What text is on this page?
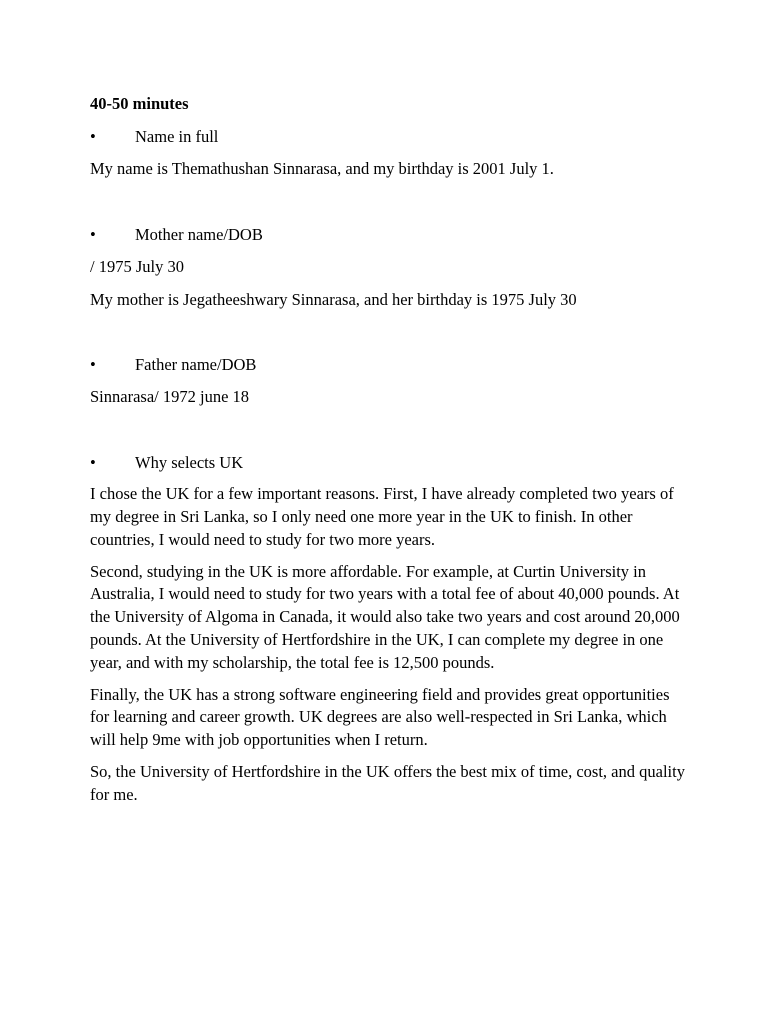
40-50 minutes
• Name in full

My name is Themathushan Sinnarasa, and my birthday is 2001 July 1.

• Mother name/DOB

/ 1975 July 30

My mother is Jegatheeshwary Sinnarasa, and her birthday is 1975 July 30

• Father name/DOB

Sinnarasa/ 1972 june 18

• Why selects UK

I chose the UK for a few important reasons. First, I have already completed two years of my degree in Sri Lanka, so I only need one more year in the UK to finish. In other countries, I would need to study for two more years.

Second, studying in the UK is more affordable. For example, at Curtin University in Australia, I would need to study for two years with a total fee of about 40,000 pounds. At the University of Algoma in Canada, it would also take two years and cost around 20,000 pounds. At the University of Hertfordshire in the UK, I can complete my degree in one year, and with my scholarship, the total fee is 12,500 pounds.

Finally, the UK has a strong software engineering field and provides great opportunities for learning and career growth. UK degrees are also well-respected in Sri Lanka, which will help 9me with job opportunities when I return.

So, the University of Hertfordshire in the UK offers the best mix of time, cost, and quality for me.
